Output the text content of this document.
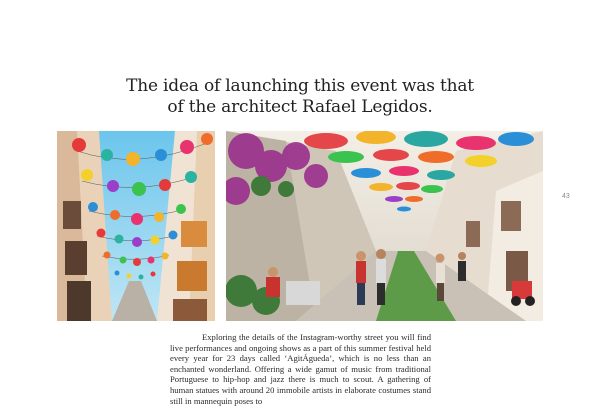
The idea of launching this event was that
of the architect Rafael Legidos.
43

Exploring the details of the Instagram-worthy street you will find live performances and ongoing shows as a part of this summer festival held every year for 23 days called ‘AgitÁgueda’, which is no less than an enchanted wonderland. Offering a wide gamut of music from traditional Portuguese to hip-hop and jazz there is much to scout. A gathering of human statues with around 20 immobile artists in elaborate costumes stand still in mannequin poses to
